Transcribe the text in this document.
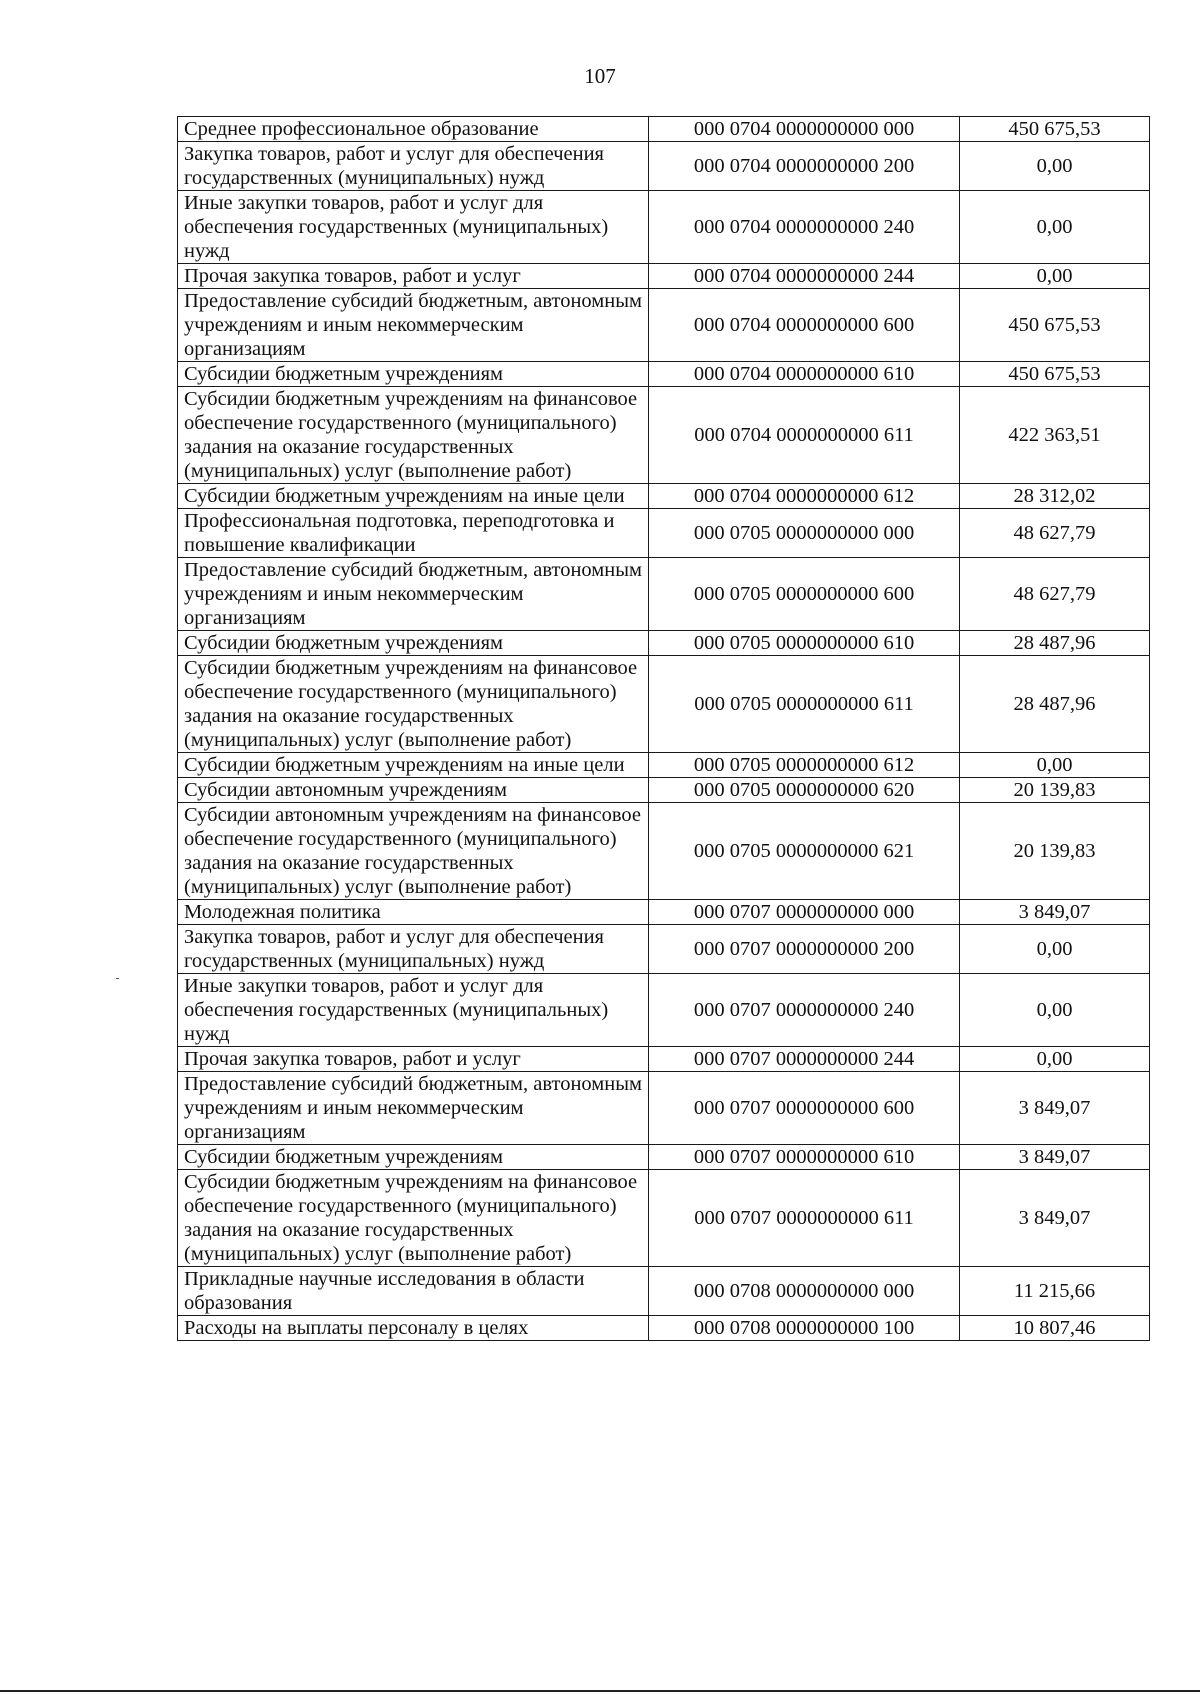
107
Среднее профессиональное образование	000 0704 0000000000 000	450 675,53
Закупка товаров, работ и услуг для обеспечения государственных (муниципальных) нужд	000 0704 0000000000 200	0,00
Иные закупки товаров, работ и услуг для обеспечения государственных (муниципальных) нужд	000 0704 0000000000 240	0,00
Прочая закупка товаров, работ и услуг	000 0704 0000000000 244	0,00
Предоставление субсидий бюджетным, автономным учреждениям и иным некоммерческим организациям	000 0704 0000000000 600	450 675,53
Субсидии бюджетным учреждениям	000 0704 0000000000 610	450 675,53
Субсидии бюджетным учреждениям на финансовое обеспечение государственного (муниципального) задания на оказание государственных (муниципальных) услуг (выполнение работ)	000 0704 0000000000 611	422 363,51
Субсидии бюджетным учреждениям на иные цели	000 0704 0000000000 612	28 312,02
Профессиональная подготовка, переподготовка и повышение квалификации	000 0705 0000000000 000	48 627,79
Предоставление субсидий бюджетным, автономным учреждениям и иным некоммерческим организациям	000 0705 0000000000 600	48 627,79
Субсидии бюджетным учреждениям	000 0705 0000000000 610	28 487,96
Субсидии бюджетным учреждениям на финансовое обеспечение государственного (муниципального) задания на оказание государственных (муниципальных) услуг (выполнение работ)	000 0705 0000000000 611	28 487,96
Субсидии бюджетным учреждениям на иные цели	000 0705 0000000000 612	0,00
Субсидии автономным учреждениям	000 0705 0000000000 620	20 139,83
Субсидии автономным учреждениям на финансовое обеспечение государственного (муниципального) задания на оказание государственных (муниципальных) услуг (выполнение работ)	000 0705 0000000000 621	20 139,83
Молодежная политика	000 0707 0000000000 000	3 849,07
Закупка товаров, работ и услуг для обеспечения государственных (муниципальных) нужд	000 0707 0000000000 200	0,00
Иные закупки товаров, работ и услуг для обеспечения государственных (муниципальных) нужд	000 0707 0000000000 240	0,00
Прочая закупка товаров, работ и услуг	000 0707 0000000000 244	0,00
Предоставление субсидий бюджетным, автономным учреждениям и иным некоммерческим организациям	000 0707 0000000000 600	3 849,07
Субсидии бюджетным учреждениям	000 0707 0000000000 610	3 849,07
Субсидии бюджетным учреждениям на финансовое обеспечение государственного (муниципального) задания на оказание государственных (муниципальных) услуг (выполнение работ)	000 0707 0000000000 611	3 849,07
Прикладные научные исследования в области образования	000 0708 0000000000 000	11 215,66
Расходы на выплаты персоналу в целях	000 0708 0000000000 100	10 807,46
